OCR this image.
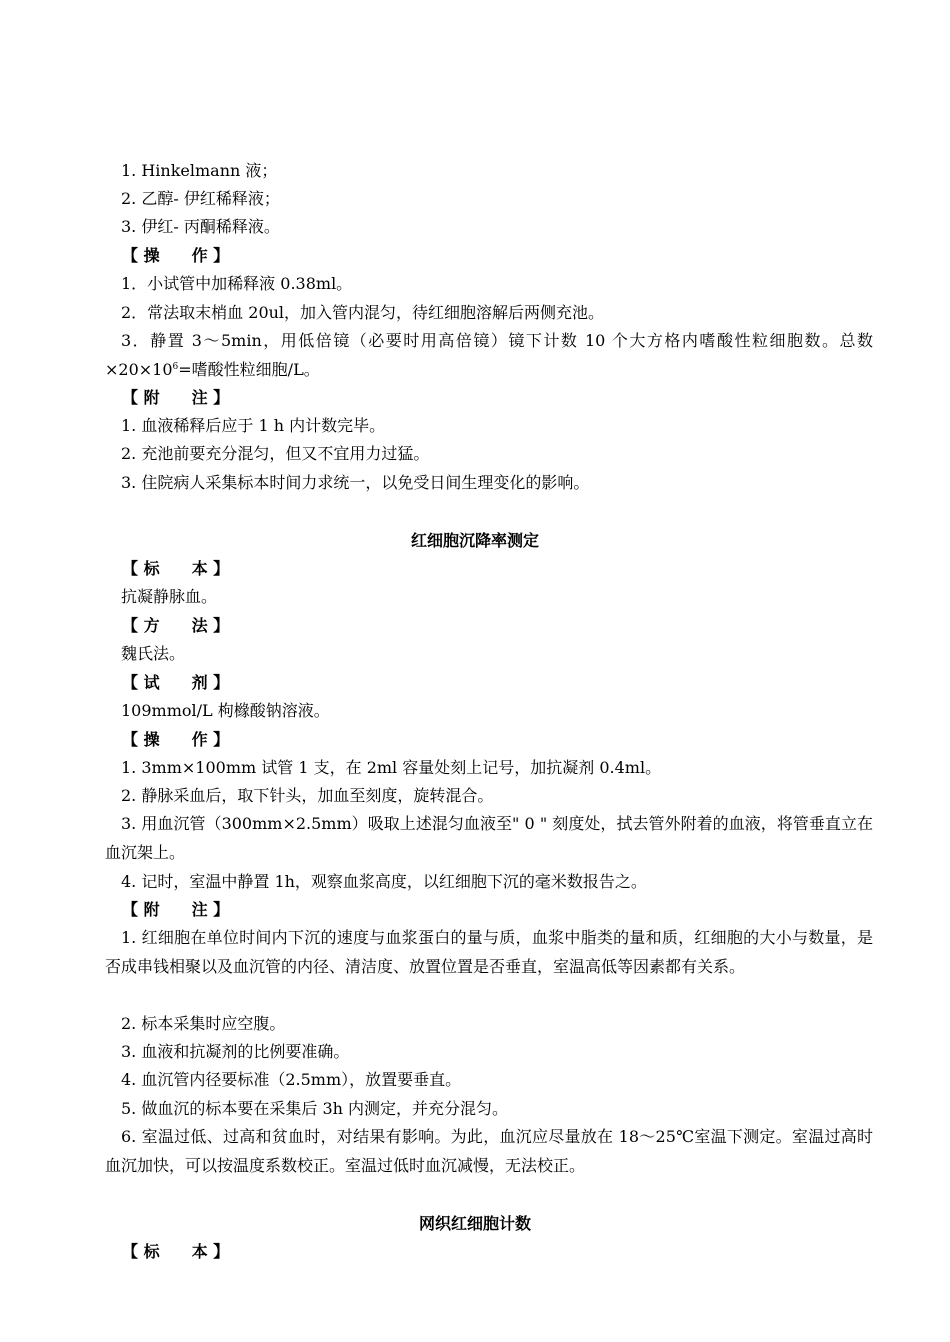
1. Hinkelmann 液；
2. 乙醇- 伊红稀释液；
3. 伊红- 丙酮稀释液。
【 操　　作 】
1．小试管中加稀释液 0.38ml。
2．常法取末梢血 20ul，加入管内混匀，待红细胞溶解后两侧充池。
3．静置 3～5min，用低倍镜（必要时用高倍镜）镜下计数 10 个大方格内嗜酸性粒细胞数。总数$\times 20\times 10^6=$嗜酸性粒细胞/L。
【 附　　注 】
1. 血液稀释后应于 1 h 内计数完毕。
2. 充池前要充分混匀，但又不宜用力过猛。
3. 住院病人采集标本时间力求统一，以免受日间生理变化的影响。
红细胞沉降率测定
【 标　　本 】
抗凝静脉血。
【 方　　法 】
魏氏法。
【 试　　剂 】
109mmol/L 枸橼酸钠溶液。
【 操　　作 】
1. 3mm×100mm 试管 1 支，在 2ml 容量处刻上记号，加抗凝剂 0.4ml。
2. 静脉采血后，取下针头，加血至刻度，旋转混合。
3. 用血沉管（300mm×2.5mm）吸取上述混匀血液至" 0 " 刻度处，拭去管外附着的血液，将管垂直立在血沉架上。
4. 记时，室温中静置 1h，观察血浆高度，以红细胞下沉的毫米数报告之。
【 附　　注 】
1. 红细胞在单位时间内下沉的速度与血浆蛋白的量与质，血浆中脂类的量和质，红细胞的大小与数量，是否成串钱相聚以及血沉管的内径、清洁度、放置位置是否垂直，室温高低等因素都有关系。
2. 标本采集时应空腹。
3. 血液和抗凝剂的比例要准确。
4. 血沉管内径要标准（2.5mm），放置要垂直。
5. 做血沉的标本要在采集后 3h 内测定，并充分混匀。
6. 室温过低、过高和贫血时，对结果有影响。为此，血沉应尽量放在 18～25℃室温下测定。室温过高时血沉加快，可以按温度系数校正。室温过低时血沉减慢，无法校正。
网织红细胞计数
【 标　　本 】
